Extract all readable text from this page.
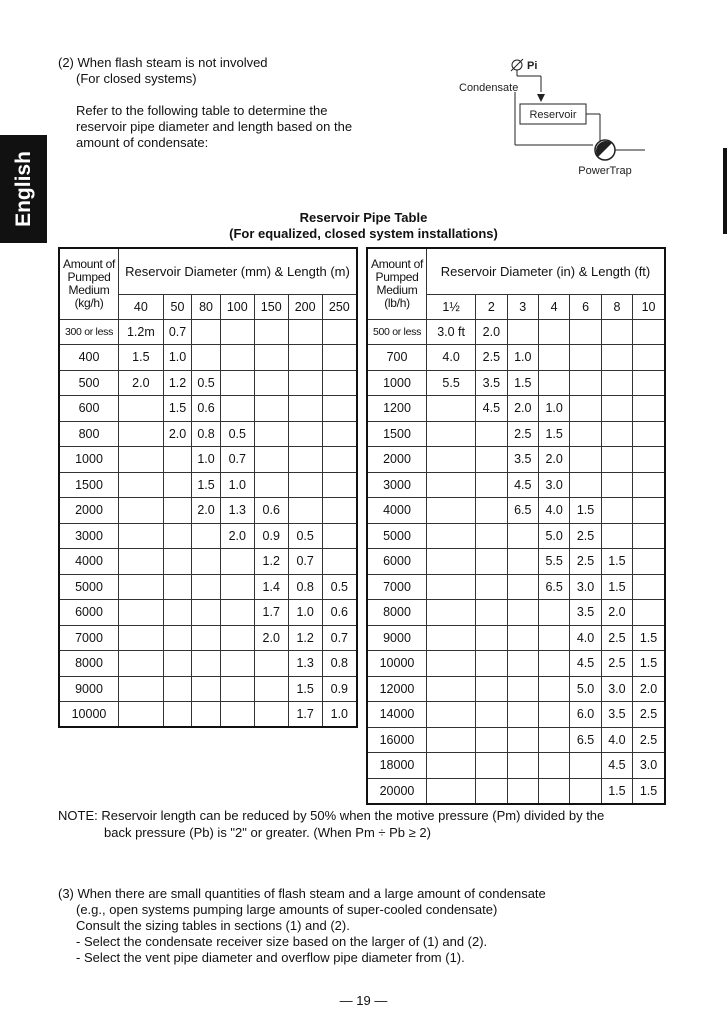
English
(2) When flash steam is not involved
(For closed systems)
Refer to the following table to determine the
reservoir pipe diameter and length based on the
amount of condensate:
Pi
Condensate
Reservoir
PowerTrap
Reservoir Pipe Table
(For equalized, closed system installations)
Amount of
Pumped
Medium
(kg/h)	Reservoir Diameter (mm) & Length (m)						
	40	50	80	100	150	200	250
300 or less	1.2m	0.7					
400	1.5	1.0					
500	2.0	1.2	0.5				
600		1.5	0.6				
800		2.0	0.8	0.5			
1000			1.0	0.7			
1500			1.5	1.0			
2000			2.0	1.3	0.6		
3000				2.0	0.9	0.5	
4000					1.2	0.7	
5000					1.4	0.8	0.5
6000					1.7	1.0	0.6
7000					2.0	1.2	0.7
8000						1.3	0.8
9000						1.5	0.9
10000						1.7	1.0
Amount of
Pumped
Medium
(lb/h)	Reservoir Diameter (in) & Length (ft)						
	1½	2	3	4	6	8	10
500 or less	3.0 ft	2.0					
700	4.0	2.5	1.0				
1000	5.5	3.5	1.5				
1200		4.5	2.0	1.0			
1500			2.5	1.5			
2000			3.5	2.0			
3000			4.5	3.0			
4000			6.5	4.0	1.5		
5000				5.0	2.5		
6000				5.5	2.5	1.5	
7000				6.5	3.0	1.5	
8000					3.5	2.0	
9000					4.0	2.5	1.5
10000					4.5	2.5	1.5
12000					5.0	3.0	2.0
14000					6.0	3.5	2.5
16000					6.5	4.0	2.5
18000						4.5	3.0
20000						1.5	1.5
NOTE: Reservoir length can be reduced by 50% when the motive pressure (Pm) divided by the
back pressure (Pb) is "2" or greater. (When Pm ÷ Pb ≥ 2)
(3) When there are small quantities of flash steam and a large amount of condensate
(e.g., open systems pumping large amounts of super-cooled condensate)
Consult the sizing tables in sections (1) and (2).
- Select the condensate receiver size based on the larger of (1) and (2).
- Select the vent pipe diameter and overflow pipe diameter from (1).
— 19 —
